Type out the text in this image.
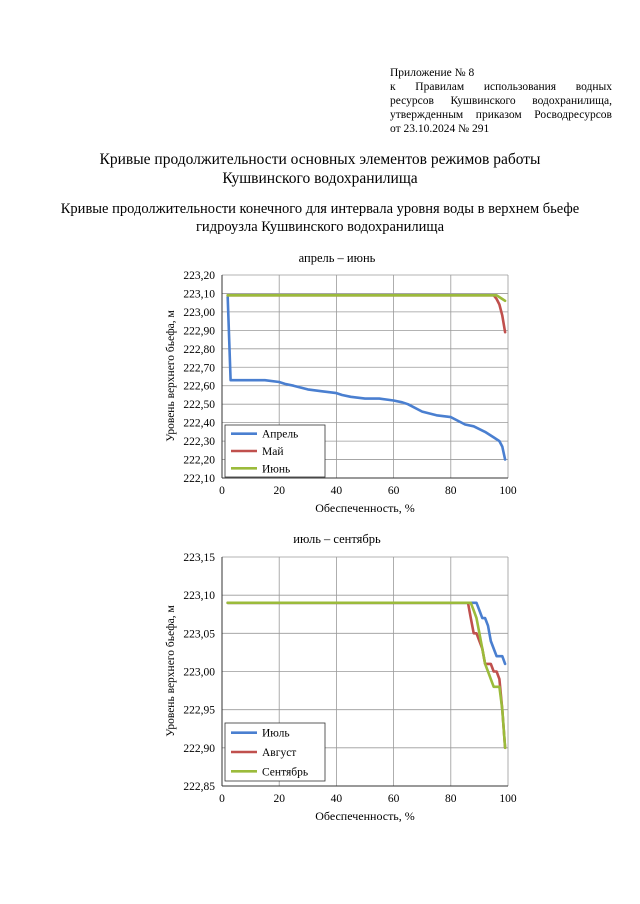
Приложение № 8
к Правилам использования водных
ресурсов Кушвинского водохранилища,
утвержденным приказом Росводресурсов
от 23.10.2024 № 291
Кривые продолжительности основных элементов режимов работы
Кушвинского водохранилища
Кривые продолжительности конечного для интервала уровня воды в верхнем бьефе
гидроузла Кушвинского водохранилища
апрель – июнь
222,10
222,20
222,30
222,40
222,50
222,60
222,70
222,80
222,90
223,00
223,10
223,20
0	20	40	60	80	100
Обеспеченность, %
Уровень верхнего бьефа, м	Апрель
Май
Июнь
июль – сентябрь
222,85
222,90
222,95
223,00
223,05
223,10
223,15
0	20	40	60	80	100
Обеспеченность, %
Уровень верхнего бьефа, м	Июль
Август
Сентябрь
